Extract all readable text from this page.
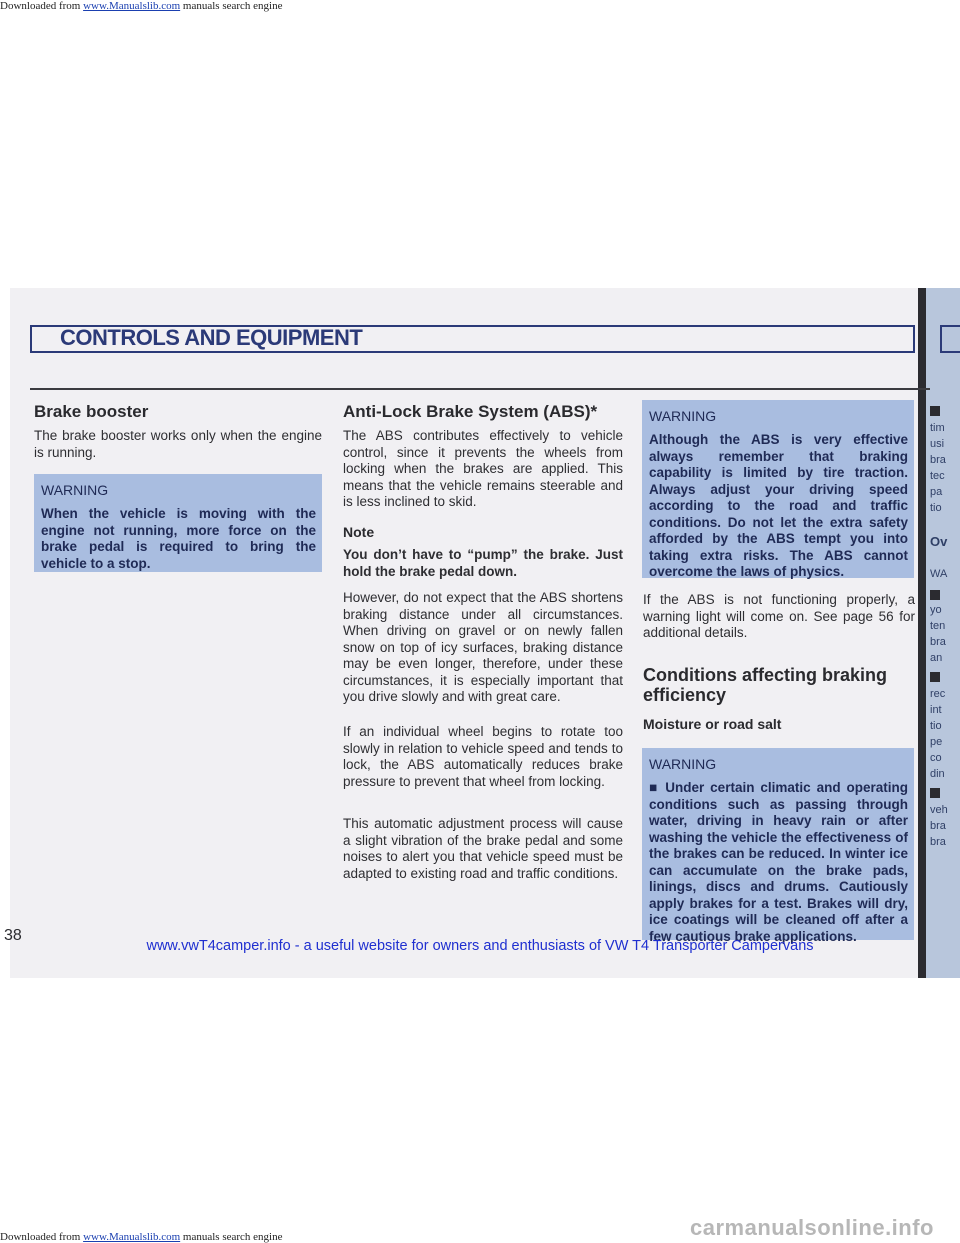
Downloaded from www.Manualslib.com manuals search engine
tim
usi
bra
tec
pa
tio
Ov
WA
yo
ten
bra
an
rec
int
tio
pe
co
din
veh
bra
bra
CONTROLS AND EQUIPMENT
Brake booster
The brake booster works only when the engine is running.
WARNING
When the vehicle is moving with the engine not running, more force on the brake pedal is required to bring the vehicle to a stop.
Anti-Lock Brake System (ABS)*
The ABS contributes effectively to vehicle control, since it prevents the wheels from locking when the brakes are applied. This means that the vehicle remains steerable and is less inclined to skid.
Note
You don’t have to “pump” the brake. Just hold the brake pedal down.
However, do not expect that the ABS shortens braking distance under all circumstances. When driving on gravel or on newly fallen snow on top of icy surfaces, braking distance may be even longer, therefore, under these circumstances, it is especially important that you drive slowly and with great care.
If an individual wheel begins to rotate too slowly in relation to vehicle speed and tends to lock, the ABS automatically reduces brake pressure to prevent that wheel from locking.
This automatic adjustment process will cause a slight vibration of the brake pedal and some noises to alert you that vehicle speed must be adapted to existing road and traffic conditions.
WARNING
Although the ABS is very effective always remember that braking capability is limited by tire traction. Always adjust your driving speed according to the road and traffic conditions. Do not let the extra safety afforded by the ABS tempt you into taking extra risks. The ABS cannot overcome the laws of physics.
If the ABS is not functioning properly, a warning light will come on. See page 56 for additional details.
Conditions affecting braking efficiency
Moisture or road salt
WARNING
■ Under certain climatic and operating conditions such as passing through water, driving in heavy rain or after washing the vehicle the effectiveness of the brakes can be reduced. In winter ice can accumulate on the brake pads, linings, discs and drums. Cautiously apply brakes for a test. Brakes will dry, ice coatings will be cleaned off after a few cautious brake applications.
38
www.vwT4camper.info - a useful website for owners and enthusiasts of VW T4 Transporter Campervans
carmanualsonline.info
Downloaded from www.Manualslib.com manuals search engine
